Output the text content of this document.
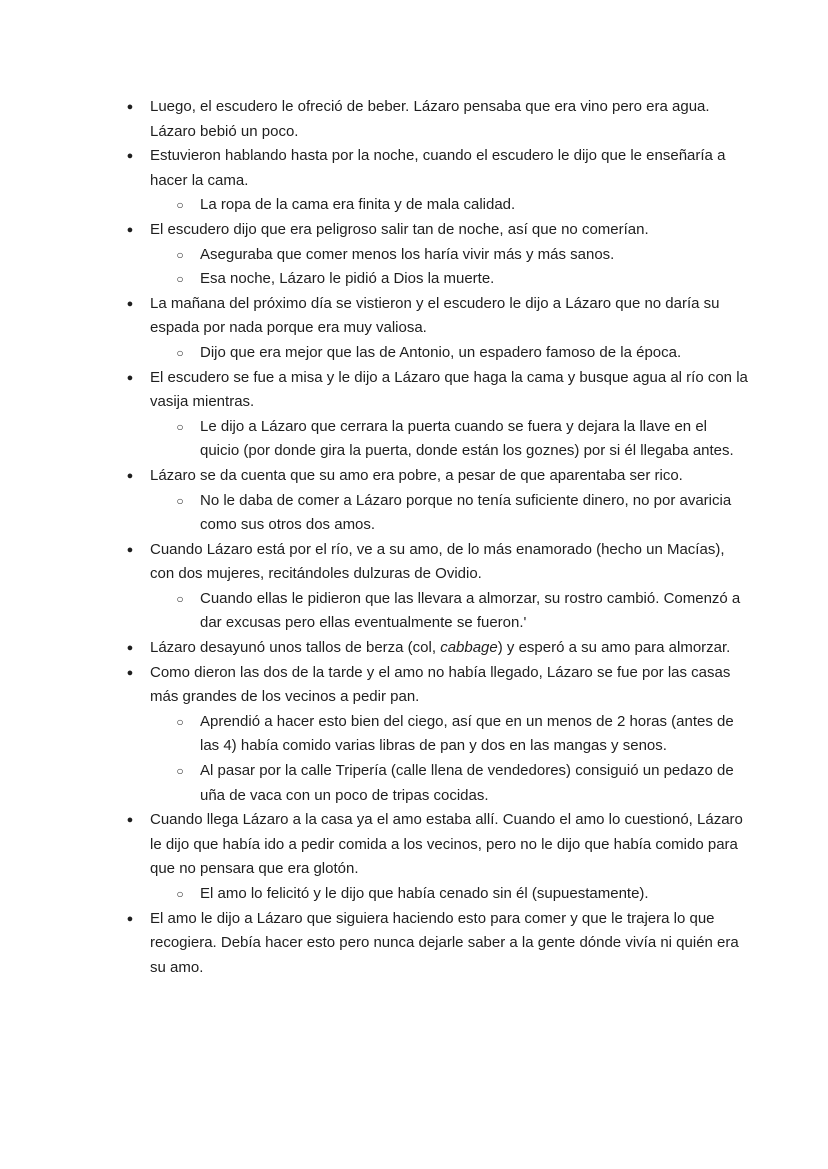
● Luego, el escudero le ofreció de beber. Lázaro pensaba que era vino pero era agua. Lázaro bebió un poco.
● Estuvieron hablando hasta por la noche, cuando el escudero le dijo que le enseñaría a hacer la cama.
○ La ropa de la cama era finita y de mala calidad.
● El escudero dijo que era peligroso salir tan de noche, así que no comerían.
○ Aseguraba que comer menos los haría vivir más y más sanos.
○ Esa noche, Lázaro le pidió a Dios la muerte.
● La mañana del próximo día se vistieron y el escudero le dijo a Lázaro que no daría su espada por nada porque era muy valiosa.
○ Dijo que era mejor que las de Antonio, un espadero famoso de la época.
● El escudero se fue a misa y le dijo a Lázaro que haga la cama y busque agua al río con la vasija mientras.
○ Le dijo a Lázaro que cerrara la puerta cuando se fuera y dejara la llave en el quicio (por donde gira la puerta, donde están los goznes) por si él llegaba antes.
● Lázaro se da cuenta que su amo era pobre, a pesar de que aparentaba ser rico.
○ No le daba de comer a Lázaro porque no tenía suficiente dinero, no por avaricia como sus otros dos amos.
● Cuando Lázaro está por el río, ve a su amo, de lo más enamorado (hecho un Macías), con dos mujeres, recitándoles dulzuras de Ovidio.
○ Cuando ellas le pidieron que las llevara a almorzar, su rostro cambió. Comenzó a dar excusas pero ellas eventualmente se fueron.'
● Lázaro desayunó unos tallos de berza (col, cabbage) y esperó a su amo para almorzar.
● Como dieron las dos de la tarde y el amo no había llegado, Lázaro se fue por las casas más grandes de los vecinos a pedir pan.
○ Aprendió a hacer esto bien del ciego, así que en un menos de 2 horas (antes de las 4) había comido varias libras de pan y dos en las mangas y senos.
○ Al pasar por la calle Tripería (calle llena de vendedores) consiguió un pedazo de uña de vaca con un poco de tripas cocidas.
● Cuando llega Lázaro a la casa ya el amo estaba allí. Cuando el amo lo cuestionó, Lázaro le dijo que había ido a pedir comida a los vecinos, pero no le dijo que había comido para que no pensara que era glotón.
○ El amo lo felicitó y le dijo que había cenado sin él (supuestamente).
● El amo le dijo a Lázaro que siguiera haciendo esto para comer y que le trajera lo que recogiera. Debía hacer esto pero nunca dejarle saber a la gente dónde vivía ni quién era su amo.
